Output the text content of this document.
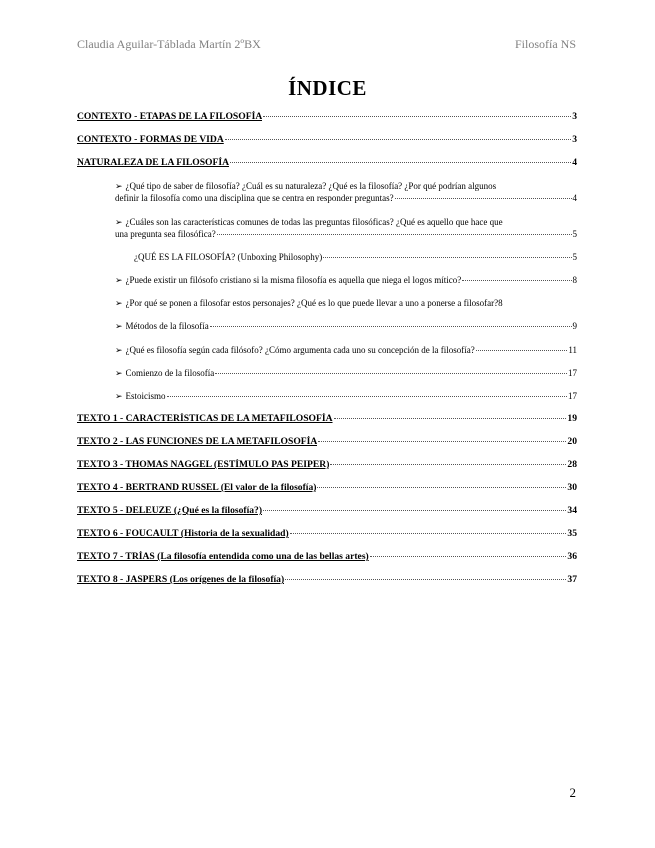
Claudia Aguilar-Táblada Martín 2ºBX	Filosofía NS
ÍNDICE
CONTEXTO - ETAPAS DE LA FILOSOFÍA	3
CONTEXTO - FORMAS DE VIDA	3
NATURALEZA DE LA FILOSOFÍA	4
➢ ¿Qué tipo de saber de filosofía? ¿Cuál es su naturaleza? ¿Qué es la filosofía? ¿Por qué podrían algunos
definir la filosofía como una disciplina que se centra en responder preguntas?	4
➢ ¿Cuáles son las características comunes de todas las preguntas filosóficas? ¿Qué es aquello que hace que
una pregunta sea filosófica?	5
¿QUÉ ES LA FILOSOFÍA? (Unboxing Philosophy)	5
➢ ¿Puede existir un filósofo cristiano si la misma filosofía es aquella que niega el logos mítico?	8
➢ ¿Por qué se ponen a filosofar estos personajes? ¿Qué es lo que puede llevar a uno a ponerse a filosofar? 8
➢ Métodos de la filosofía	9
➢ ¿Qué es filosofía según cada filósofo? ¿Cómo argumenta cada uno su concepción de la filosofía?	11
➢ Comienzo de la filosofía	17
➢ Estoicismo	17
TEXTO 1 - CARACTERÍSTICAS DE LA METAFILOSOFÍA	19
TEXTO 2 - LAS FUNCIONES DE LA METAFILOSOFÍA	20
TEXTO 3 - THOMAS NAGGEL (ESTÍMULO PAS PEIPER)	28
TEXTO 4 - BERTRAND RUSSEL (El valor de la filosofía)	30
TEXTO 5 - DELEUZE (¿Qué es la filosofía?)	34
TEXTO 6 - FOUCAULT (Historia de la sexualidad)	35
TEXTO 7 - TRÍAS (La filosofía entendida como una de las bellas artes)	36
TEXTO 8 - JASPERS (Los orígenes de la filosofía)	37
2
